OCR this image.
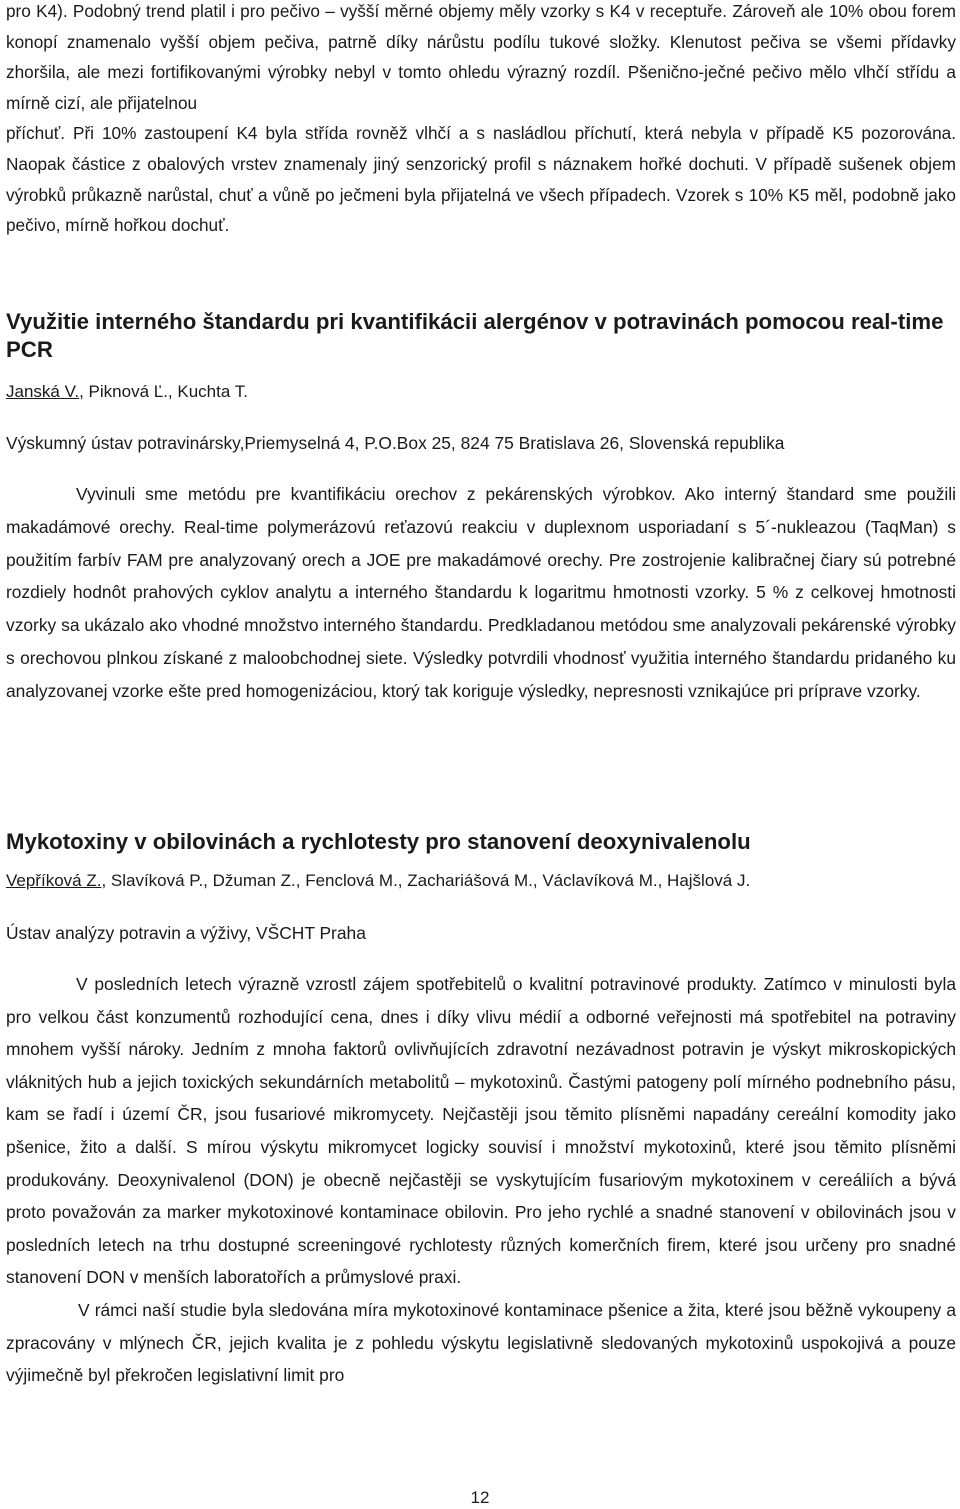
pro K4). Podobný trend platil i pro pečivo – vyšší měrné objemy měly vzorky s K4 v receptuře. Zároveň ale 10% obou forem konopí znamenalo vyšší objem pečiva, patrně díky nárůstu podílu tukové složky. Klenutost pečiva se všemi přídavky zhoršila, ale mezi fortifikovanými výrobky nebyl v tomto ohledu výrazný rozdíl. Pšenično-ječné pečivo mělo vlhčí střídu a mírně cizí, ale přijatelnou

příchuť. Při 10% zastoupení K4 byla střída rovněž vlhčí a s nasládlou příchutí, která nebyla v případě K5 pozorována. Naopak částice z obalových vrstev znamenaly jiný senzorický profil s náznakem hořké dochuti. V případě sušenek objem výrobků průkazně narůstal, chuť a vůně po ječmeni byla přijatelná ve všech případech. Vzorek s 10% K5 měl, podobně jako pečivo, mírně hořkou dochuť.

Využitie interného štandardu pri kvantifikácii alergénov v potravinách pomocou real-time PCR

Janská V., Piknová Ľ., Kuchta T.

Výskumný ústav potravinársky,Priemyselná 4, P.O.Box 25, 824 75 Bratislava 26, Slovenská republika

Vyvinuli sme metódu pre kvantifikáciu orechov z pekárenských výrobkov. Ako interný štandard sme použili makadámové orechy. Real-time polymerázovú reťazovú reakciu v duplexnom usporiadaní s 5´-nukleazou (TaqMan) s použitím farbív FAM pre analyzovaný orech a JOE pre makadámové orechy. Pre zostrojenie kalibračnej čiary sú potrebné rozdiely hodnôt prahových cyklov analytu a interného štandardu k logaritmu hmotnosti vzorky. 5 % z celkovej hmotnosti vzorky sa ukázalo ako vhodné množstvo interného štandardu. Predkladanou metódou sme analyzovali pekárenské výrobky s orechovou plnkou získané z maloobchodnej siete. Výsledky potvrdili vhodnosť využitia interného štandardu pridaného ku analyzovanej vzorke ešte pred homogenizáciou, ktorý tak koriguje výsledky, nepresnosti vznikajúce pri príprave vzorky.

Mykotoxiny v obilovinách a rychlotesty pro stanovení deoxynivalenolu

Vepříková Z., Slavíková P., Džuman Z., Fenclová M., Zachariášová M., Václavíková M., Hajšlová J.

Ústav analýzy potravin a výživy, VŠCHT Praha

V posledních letech výrazně vzrostl zájem spotřebitelů o kvalitní potravinové produkty. Zatímco v minulosti byla pro velkou část konzumentů rozhodující cena, dnes i díky vlivu médií a odborné veřejnosti má spotřebitel na potraviny mnohem vyšší nároky. Jedním z mnoha faktorů ovlivňujících zdravotní nezávadnost potravin je výskyt mikroskopických vláknitých hub a jejich toxických sekundárních metabolitů – mykotoxinů. Častými patogeny polí mírného podnebního pásu, kam se řadí i území ČR, jsou fusariové mikromycety. Nejčastěji jsou těmito plísněmi napadány cereální komodity jako pšenice, žito a další. S mírou výskytu mikromycet logicky souvisí i množství mykotoxinů, které jsou těmito plísněmi produkovány. Deoxynivalenol (DON) je obecně nejčastěji se vyskytujícím fusariovým mykotoxinem v cereáliích a bývá proto považován za marker mykotoxinové kontaminace obilovin. Pro jeho rychlé a snadné stanovení v obilovinách jsou v posledních letech na trhu dostupné screeningové rychlotesty různých komerčních firem, které jsou určeny pro snadné stanovení DON v menších laboratořích a průmyslové praxi.

V rámci naší studie byla sledována míra mykotoxinové kontaminace pšenice a žita, které jsou běžně vykoupeny a zpracovány v mlýnech ČR, jejich kvalita je z pohledu výskytu legislativně sledovaných mykotoxinů uspokojivá a pouze výjimečně byl překročen legislativní limit pro

12
